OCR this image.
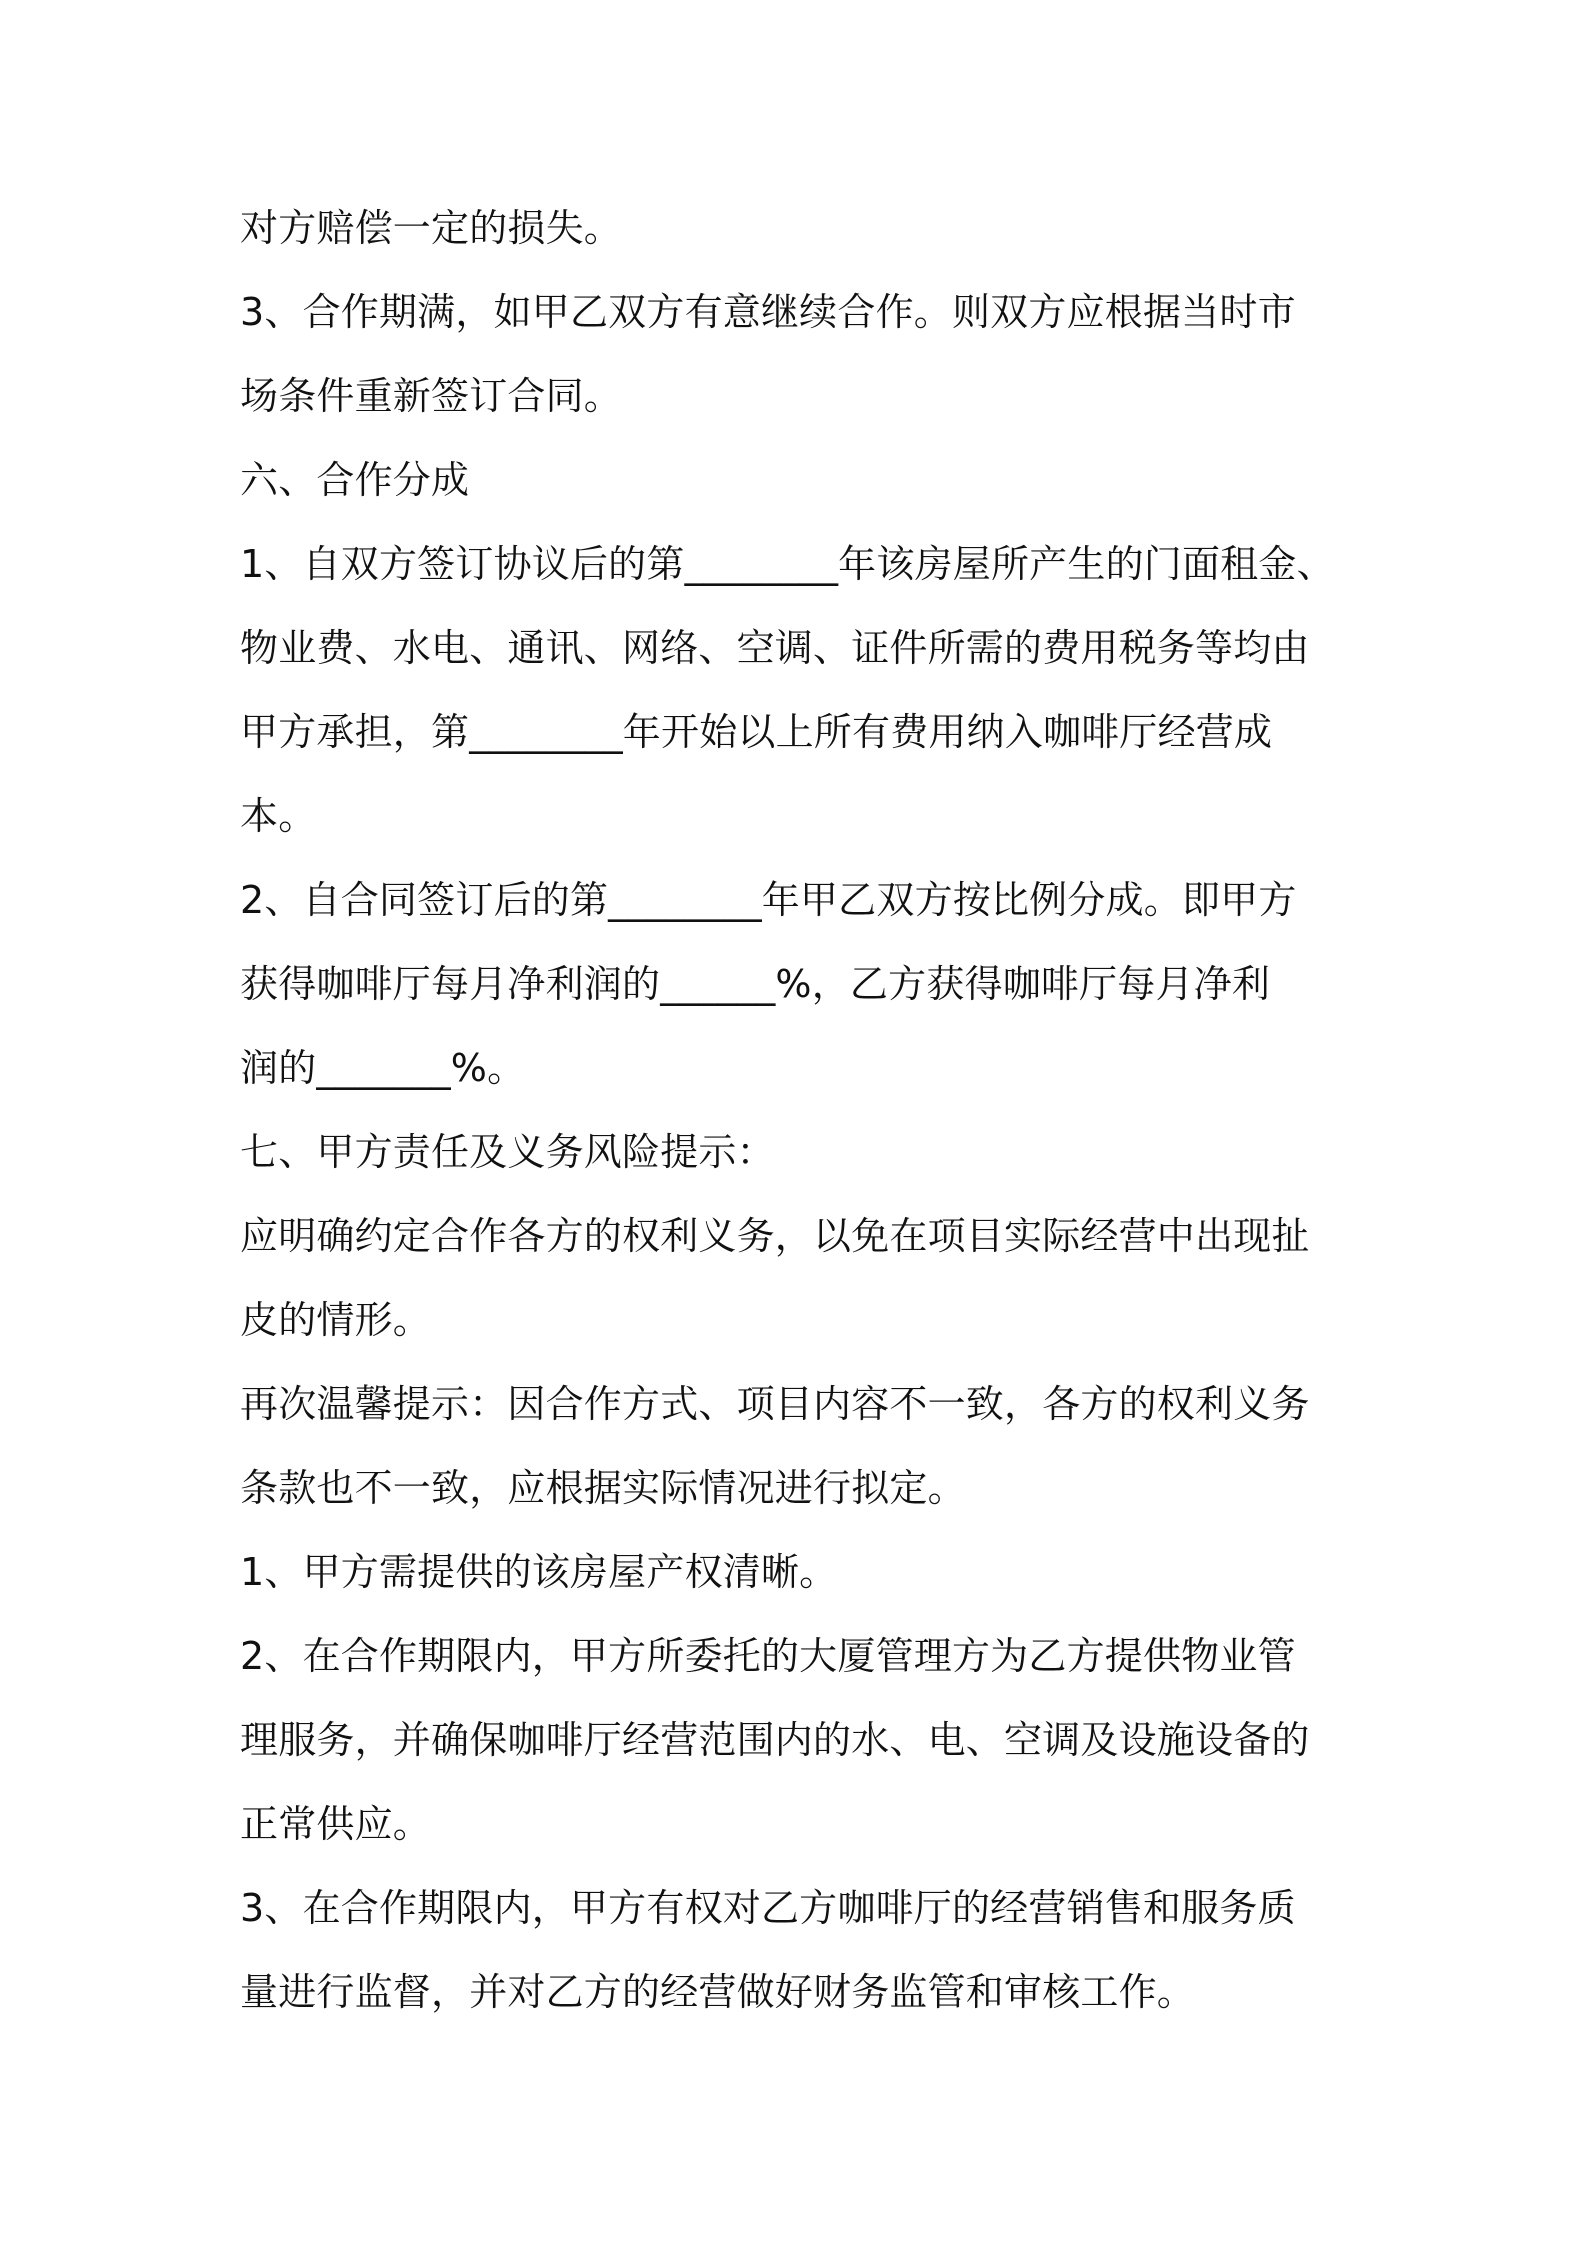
对方赔偿一定的损失。
3、合作期满，如甲乙双方有意继续合作。则双方应根据当时市
场条件重新签订合同。
六、合作分成
1、自双方签订协议后的第________年该房屋所产生的门面租金、
物业费、水电、通讯、网络、空调、证件所需的费用税务等均由
甲方承担，第________年开始以上所有费用纳入咖啡厅经营成
本。
2、自合同签订后的第________年甲乙双方按比例分成。即甲方
获得咖啡厅每月净利润的______%，乙方获得咖啡厅每月净利
润的_______%。
七、甲方责任及义务风险提示：
应明确约定合作各方的权利义务，以免在项目实际经营中出现扯
皮的情形。
再次温馨提示：因合作方式、项目内容不一致，各方的权利义务
条款也不一致，应根据实际情况进行拟定。
1、甲方需提供的该房屋产权清晰。
2、在合作期限内，甲方所委托的大厦管理方为乙方提供物业管
理服务，并确保咖啡厅经营范围内的水、电、空调及设施设备的
正常供应。
3、在合作期限内，甲方有权对乙方咖啡厅的经营销售和服务质
量进行监督，并对乙方的经营做好财务监管和审核工作。
